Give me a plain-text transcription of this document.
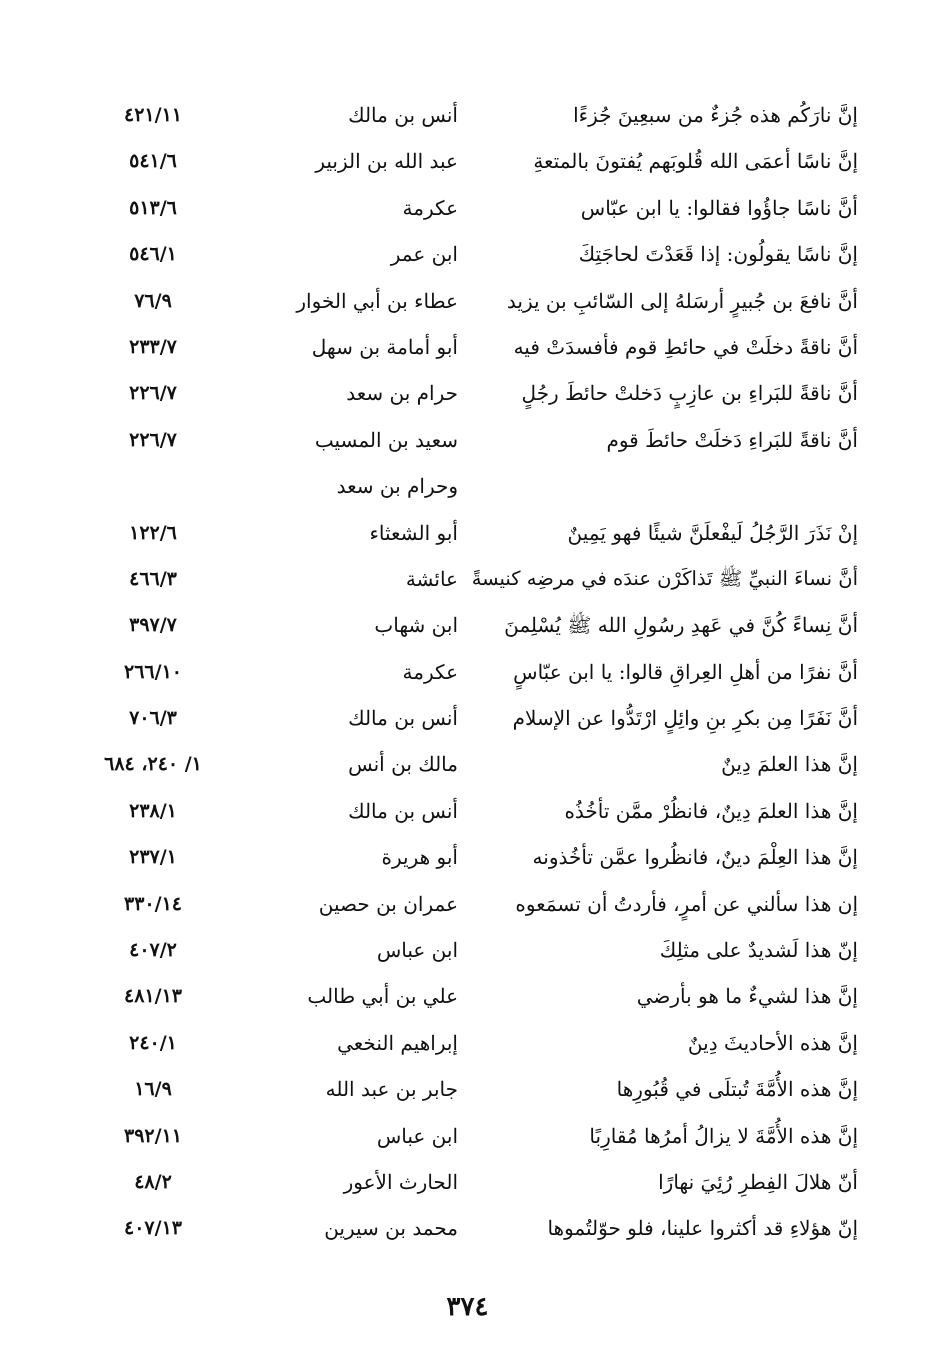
إنَّ نارَكُم هذه جُزءٌ من سبعِينَ جُزءًا
أنس بن مالك
٤٢١/١١
إنَّ ناسًا أعمَى الله قُلوبَهم يُفتونَ بالمتعةِ
عبد الله بن الزبير
٥٤١/٦
أنَّ ناسًا جاؤُوا فقالوا: يا ابن عبّاس
عكرمة
٥١٣/٦
إنَّ ناسًا يقولُون: إذا قَعَدْتَ لحاجَتِكَ
ابن عمر
٥٤٦/١
أنَّ نافعَ بن جُبيرٍ أرسَلهُ إلى السّائبِ بن يزيد
عطاء بن أبي الخوار
٧٦/٩
أنَّ ناقةً دخلَتْ في حائطِ قوم فأفسدَتْ فيه
أبو أمامة بن سهل
٢٣٣/٧
أنَّ ناقةً للبَراءِ بن عازِبٍ دَخلتْ حائطَ رجُلٍ
حرام بن سعد
٢٢٦/٧
أنَّ ناقةً للبَراءِ دَخلَتْ حائطَ قوم
سعيد بن المسيب
٢٢٦/٧
وحرام بن سعد
إنْ نَذَرَ الرَّجُلُ لَيفْعلَنَّ شيئًا فهو يَمِينٌ
أبو الشعثاء
١٢٢/٦
أنَّ نساءَ النبيِّ ﷺ تَذاكَرْن عندَه في مرضِه كنيسةً
عائشة
٤٦٦/٣
أنَّ نِساءً كُنَّ في عَهدِ رسُولِ الله ﷺ يُسْلِمنَ
ابن شهاب
٣٩٧/٧
أنَّ نفرًا من أهلِ العِراقِ قالوا: يا ابن عبّاسٍ
عكرمة
٢٦٦/١٠
أنَّ نَفَرًا مِن بكرِ بنِ وائِلٍ ارْتَدُّوا عن الإسلام
أنس بن مالك
٧٠٦/٣
إنَّ هذا العلمَ دِينٌ
مالك بن أنس
١/ ٢٤٠، ٦٨٤
إنَّ هذا العلمَ دِينٌ، فانظُرْ ممَّن تأخُذُه
أنس بن مالك
٢٣٨/١
إنَّ هذا العِلْمَ دينٌ، فانظُروا عمَّن تأخُذونه
أبو هريرة
٢٣٧/١
إن هذا سألني عن أمرٍ، فأردتُ أن تسمَعوه
عمران بن حصين
٣٣٠/١٤
إنّ هذا لَشديدٌ على مثلِكَ
ابن عباس
٤٠٧/٢
إنَّ هذا لشيءٌ ما هو بأرضي
علي بن أبي طالب
٤٨١/١٣
إنَّ هذه الأحاديثَ دِينٌ
إبراهيم النخعي
٢٤٠/١
إنَّ هذه الأُمَّةَ تُبتلَى في قُبُورِها
جابر بن عبد الله
١٦/٩
إنَّ هذه الأُمَّةَ لا يزالُ أمرُها مُقارِبًا
ابن عباس
٣٩٢/١١
أنّ هلالَ الفِطرِ رُئِيَ نهارًا
الحارث الأعور
٤٨/٢
إنّ هؤلاءِ قد أكثروا علينا، فلو حوّلتُموها
محمد بن سيرين
٤٠٧/١٣
٣٧٤
